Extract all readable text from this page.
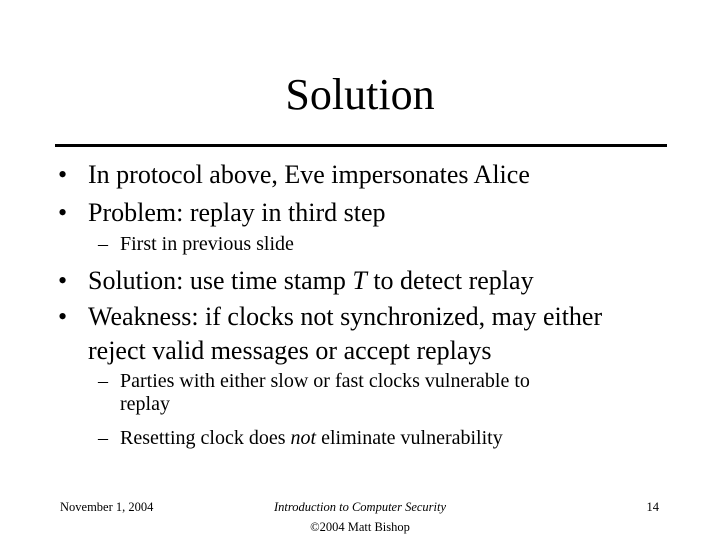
Solution
• In protocol above, Eve impersonates Alice
• Problem: replay in third step
– First in previous slide
• Solution: use time stamp T to detect replay
• Weakness: if clocks not synchronized, may either
reject valid messages or accept replays
– Parties with either slow or fast clocks vulnerable to
replay
– Resetting clock does not eliminate vulnerability
November 1, 2004	Introduction to Computer Security
©2004 Matt Bishop
14
